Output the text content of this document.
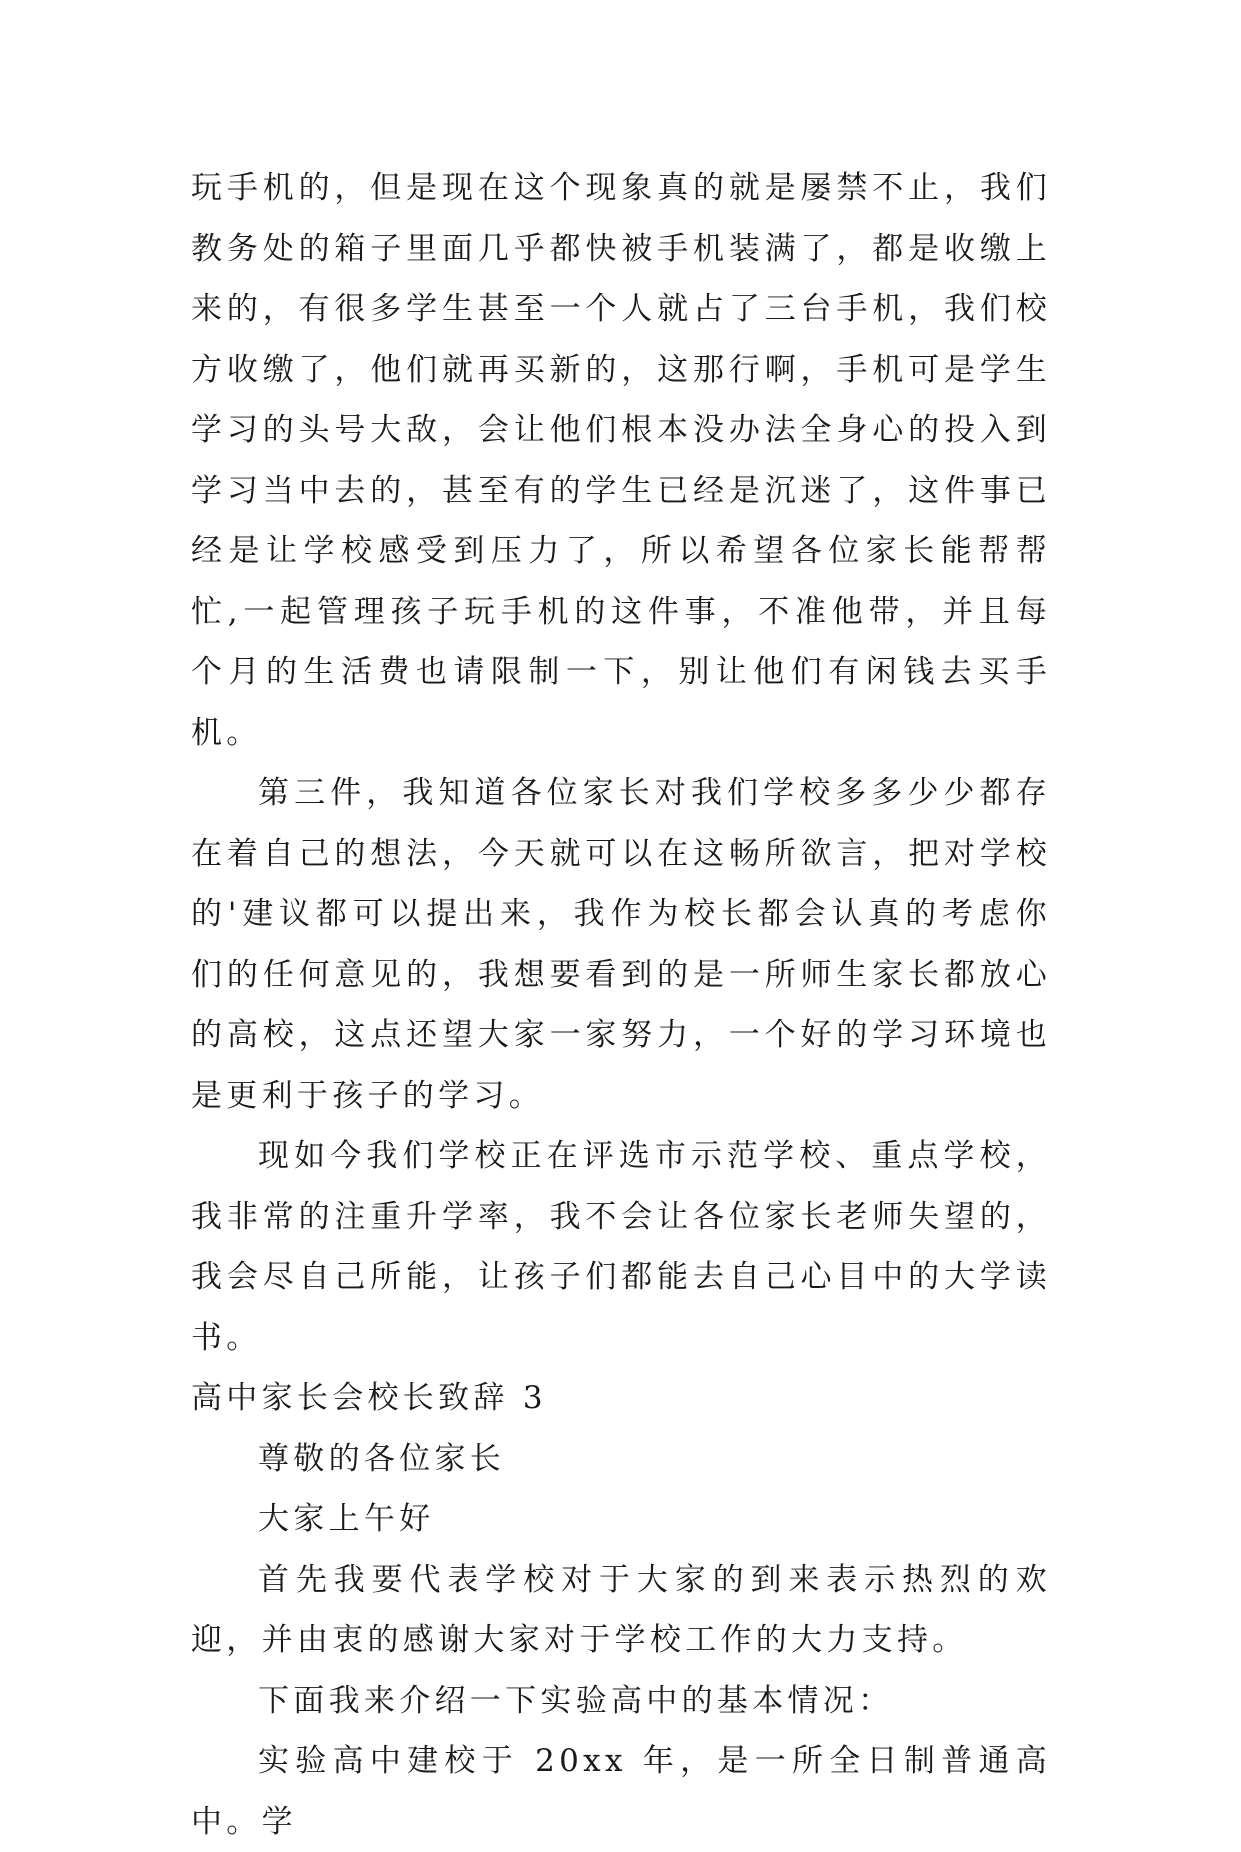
玩手机的，但是现在这个现象真的就是屡禁不止，我们教务处的箱子里面几乎都快被手机装满了，都是收缴上来的，有很多学生甚至一个人就占了三台手机，我们校方收缴了，他们就再买新的，这那行啊，手机可是学生学习的头号大敌，会让他们根本没办法全身心的投入到学习当中去的，甚至有的学生已经是沉迷了，这件事已经是让学校感受到压力了，所以希望各位家长能帮帮忙,一起管理孩子玩手机的这件事，不准他带，并且每个月的生活费也请限制一下，别让他们有闲钱去买手机。

第三件，我知道各位家长对我们学校多多少少都存在着自己的想法，今天就可以在这畅所欲言，把对学校的'建议都可以提出来，我作为校长都会认真的考虑你们的任何意见的，我想要看到的是一所师生家长都放心的高校，这点还望大家一家努力，一个好的学习环境也是更利于孩子的学习。

现如今我们学校正在评选市示范学校、重点学校，我非常的注重升学率，我不会让各位家长老师失望的，我会尽自己所能，让孩子们都能去自己心目中的大学读书。

高中家长会校长致辞 3

尊敬的各位家长

大家上午好

首先我要代表学校对于大家的到来表示热烈的欢迎，并由衷的感谢大家对于学校工作的大力支持。

下面我来介绍一下实验高中的基本情况：

实验高中建校于 20xx 年，是一所全日制普通高中。学
